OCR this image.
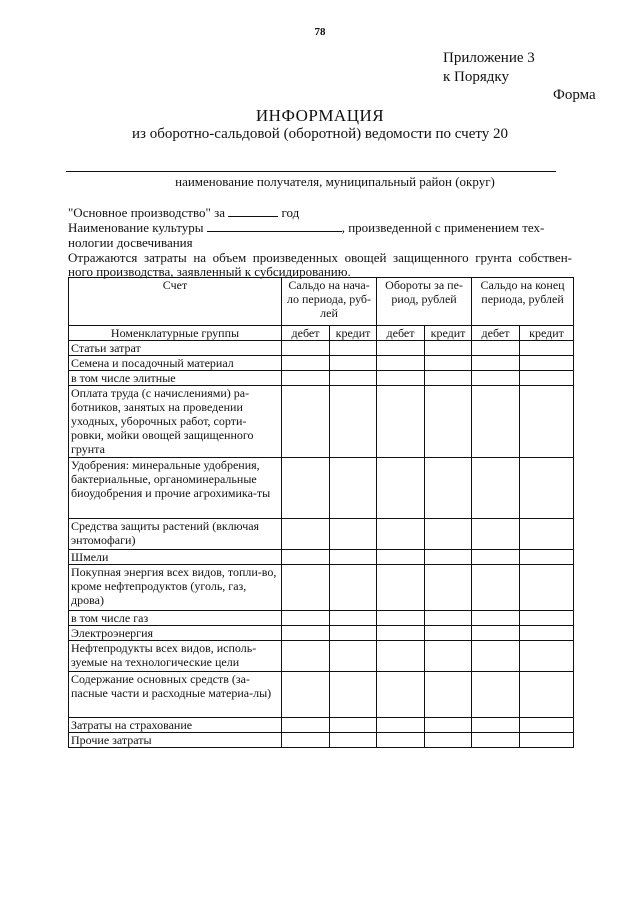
78
Приложение 3
к Порядку
Форма
ИНФОРМАЦИЯ
из оборотно-сальдовой (оборотной) ведомости по счету 20
наименование получателя, муниципальный район (округ)
"Основное производство" за	год
Наименование культуры	, произведенной с применением тех-
нологии досвечивания
Отражаются затраты на объем произведенных овощей защищенного грунта собствен-
ного производства, заявленный к субсидированию.
Счет	Сальдо на нача-ло периода, руб-лей		Обороты за пе-риод, рублей		Сальдо на конец периода, рублей	
Номенклатурные группы	дебет	кредит	дебет	кредит	дебет	кредит
Статьи затрат						
Семена и посадочный материал						
в том числе элитные						
Оплата труда (с начислениями) ра-ботников, занятых на проведении уходных, уборочных работ, сорти-ровки, мойки овощей защищенного грунта						
Удобрения: минеральные удобрения, бактериальные, органоминеральные биоудобрения и прочие агрохимика-ты						
Средства защиты растений (включая энтомофаги)						
Шмели						
Покупная энергия всех видов, топли-во, кроме нефтепродуктов (уголь, газ, дрова)						
в том числе газ						
Электроэнергия						
Нефтепродукты всех видов, исполь-зуемые на технологические цели						
Содержание основных средств (за-пасные части и расходные материа-лы)						
Затраты на страхование						
Прочие затраты						
